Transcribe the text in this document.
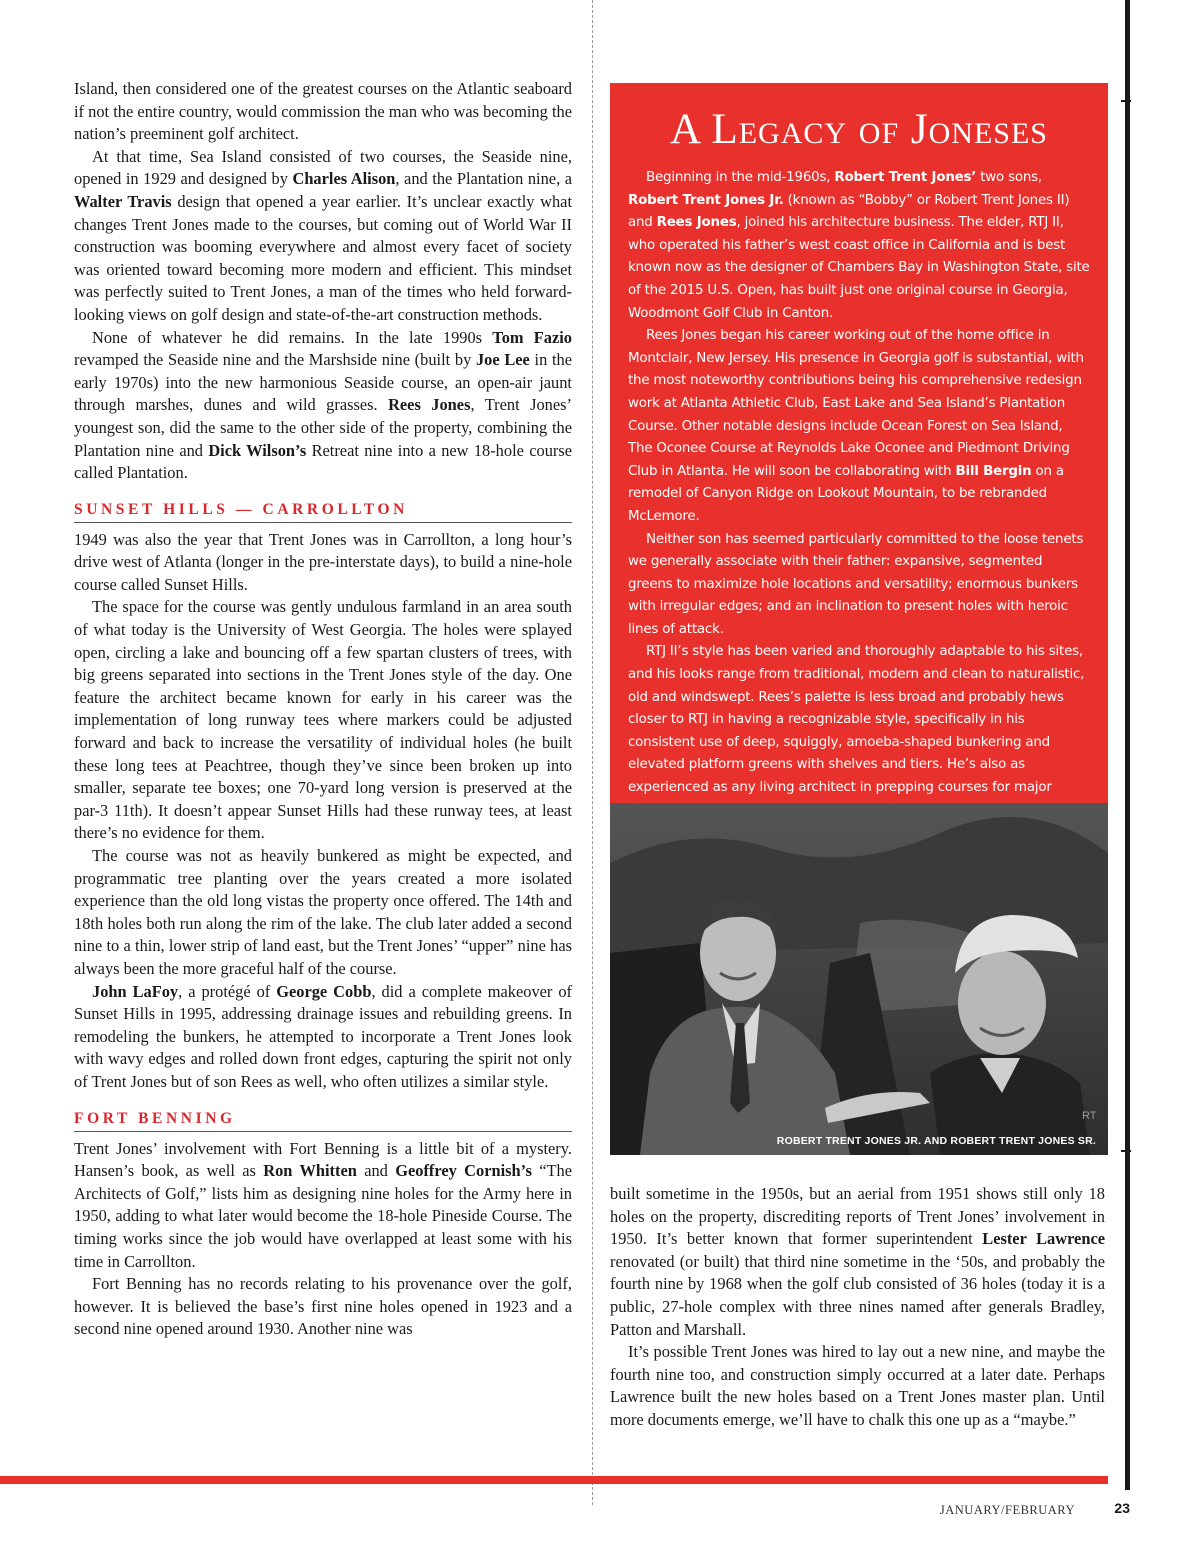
Island, then considered one of the greatest courses on the Atlantic seaboard if not the entire country, would commission the man who was becoming the nation’s preeminent golf architect.

At that time, Sea Island consisted of two courses, the Seaside nine, opened in 1929 and designed by Charles Alison, and the Plantation nine, a Walter Travis design that opened a year earlier. It’s unclear exactly what changes Trent Jones made to the courses, but coming out of World War II construction was booming everywhere and almost every facet of society was oriented toward becoming more modern and efficient. This mindset was perfectly suited to Trent Jones, a man of the times who held forward-looking views on golf design and state-of-the-art construction methods.

None of whatever he did remains. In the late 1990s Tom Fazio revamped the Seaside nine and the Marshside nine (built by Joe Lee in the early 1970s) into the new harmonious Seaside course, an open-air jaunt through marshes, dunes and wild grasses. Rees Jones, Trent Jones’ youngest son, did the same to the other side of the property, combining the Plantation nine and Dick Wilson’s Retreat nine into a new 18-hole course called Plantation.

SUNSET HILLS — CARROLLTON

1949 was also the year that Trent Jones was in Carrollton, a long hour’s drive west of Atlanta (longer in the pre-interstate days), to build a nine-hole course called Sunset Hills.

The space for the course was gently undulous farmland in an area south of what today is the University of West Georgia. The holes were splayed open, circling a lake and bouncing off a few spartan clusters of trees, with big greens separated into sections in the Trent Jones style of the day. One feature the architect became known for early in his career was the implementation of long runway tees where markers could be adjusted forward and back to increase the versatility of individual holes (he built these long tees at Peachtree, though they’ve since been broken up into smaller, separate tee boxes; one 70-yard long version is preserved at the par-3 11th). It doesn’t appear Sunset Hills had these runway tees, at least there’s no evidence for them.

The course was not as heavily bunkered as might be expected, and programmatic tree planting over the years created a more isolated experience than the old long vistas the property once offered. The 14th and 18th holes both run along the rim of the lake. The club later added a second nine to a thin, lower strip of land east, but the Trent Jones’ “upper” nine has always been the more graceful half of the course.

John LaFoy, a protégé of George Cobb, did a complete makeover of Sunset Hills in 1995, addressing drainage issues and rebuilding greens. In remodeling the bunkers, he attempted to incorporate a Trent Jones look with wavy edges and rolled down front edges, capturing the spirit not only of Trent Jones but of son Rees as well, who often utilizes a similar style.

FORT BENNING

Trent Jones’ involvement with Fort Benning is a little bit of a mystery. Hansen’s book, as well as Ron Whitten and Geoffrey Cornish’s “The Architects of Golf,” lists him as designing nine holes for the Army here in 1950, adding to what later would become the 18-hole Pineside Course. The timing works since the job would have overlapped at least some with his time in Carrollton.

Fort Benning has no records relating to his provenance over the golf, however. It is believed the base’s first nine holes opened in 1923 and a second nine opened around 1930. Another nine was

A Legacy of Joneses

Beginning in the mid-1960s, Robert Trent Jones’ two sons, Robert Trent Jones Jr. (known as “Bobby” or Robert Trent Jones II) and Rees Jones, joined his architecture business. The elder, RTJ II, who operated his father’s west coast office in California and is best known now as the designer of Chambers Bay in Washington State, site of the 2015 U.S. Open, has built just one original course in Georgia, Woodmont Golf Club in Canton.

Rees Jones began his career working out of the home office in Montclair, New Jersey. His presence in Georgia golf is substantial, with the most noteworthy contributions being his comprehensive redesign work at Atlanta Athletic Club, East Lake and Sea Island’s Plantation Course. Other notable designs include Ocean Forest on Sea Island, The Oconee Course at Reynolds Lake Oconee and Piedmont Driving Club in Atlanta. He will soon be collaborating with Bill Bergin on a remodel of Canyon Ridge on Lookout Mountain, to be rebranded McLemore.

Neither son has seemed particularly committed to the loose tenets we generally associate with their father: expansive, segmented greens to maximize hole locations and versatility; enormous bunkers with irregular edges; and an inclination to present holes with heroic lines of attack.

RTJ II’s style has been varied and thoroughly adaptable to his sites, and his looks range from traditional, modern and clean to naturalistic, old and windswept. Rees’s palette is less broad and probably hews closer to RTJ in having a recognizable style, specifically in his consistent use of deep, squiggly, amoeba-shaped bunkering and elevated platform greens with shelves and tiers. He’s also as experienced as any living architect in prepping courses for major

RT
ROBERT TRENT JONES JR. AND ROBERT TRENT JONES SR.

built sometime in the 1950s, but an aerial from 1951 shows still only 18 holes on the property, discrediting reports of Trent Jones’ involvement in 1950. It’s better known that former superintendent Lester Lawrence renovated (or built) that third nine sometime in the ‘50s, and probably the fourth nine by 1968 when the golf club consisted of 36 holes (today it is a public, 27-hole complex with three nines named after generals Bradley, Patton and Marshall.

It’s possible Trent Jones was hired to lay out a new nine, and maybe the fourth nine too, and construction simply occurred at a later date. Perhaps Lawrence built the new holes based on a Trent Jones master plan. Until more documents emerge, we’ll have to chalk this one up as a “maybe.”

JANUARY/FEBRUARY	23
